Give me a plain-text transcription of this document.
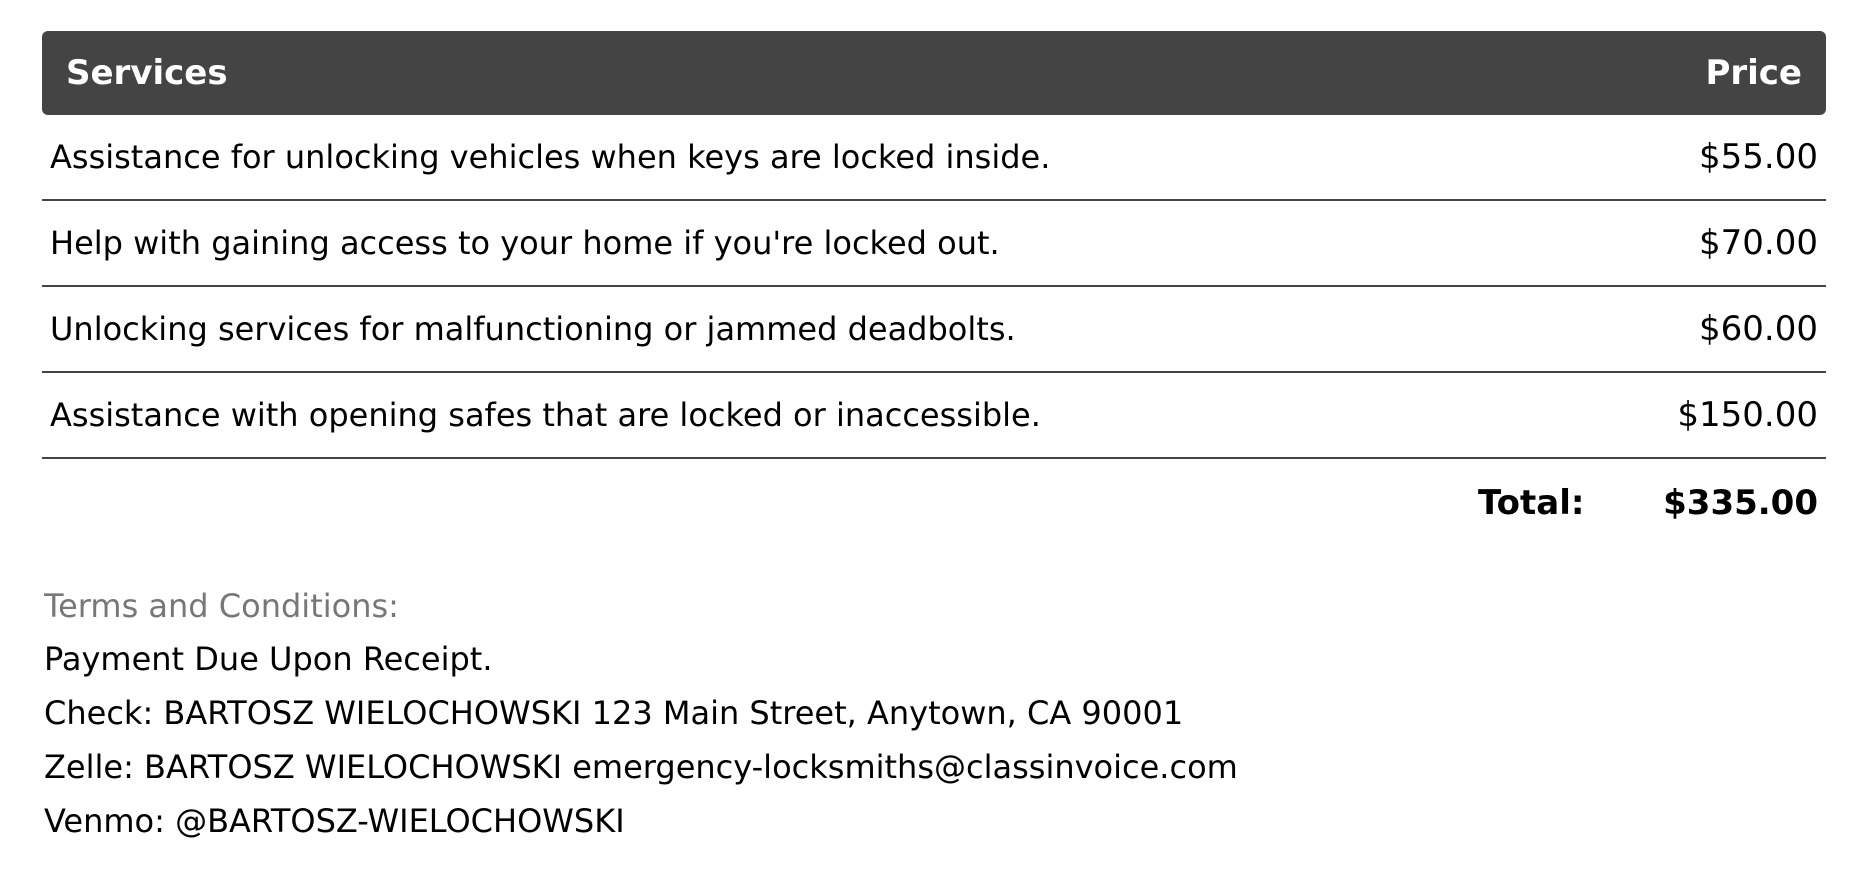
Services	Price
Assistance for unlocking vehicles when keys are locked inside.	$55.00
Help with gaining access to your home if you're locked out.	$70.00
Unlocking services for malfunctioning or jammed deadbolts.	$60.00
Assistance with opening safes that are locked or inaccessible.	$150.00
Total:	$335.00
Terms and Conditions:
Payment Due Upon Receipt.
Check: BARTOSZ WIELOCHOWSKI 123 Main Street, Anytown, CA 90001
Zelle: BARTOSZ WIELOCHOWSKI emergency-locksmiths@classinvoice.com
Venmo: @BARTOSZ-WIELOCHOWSKI
